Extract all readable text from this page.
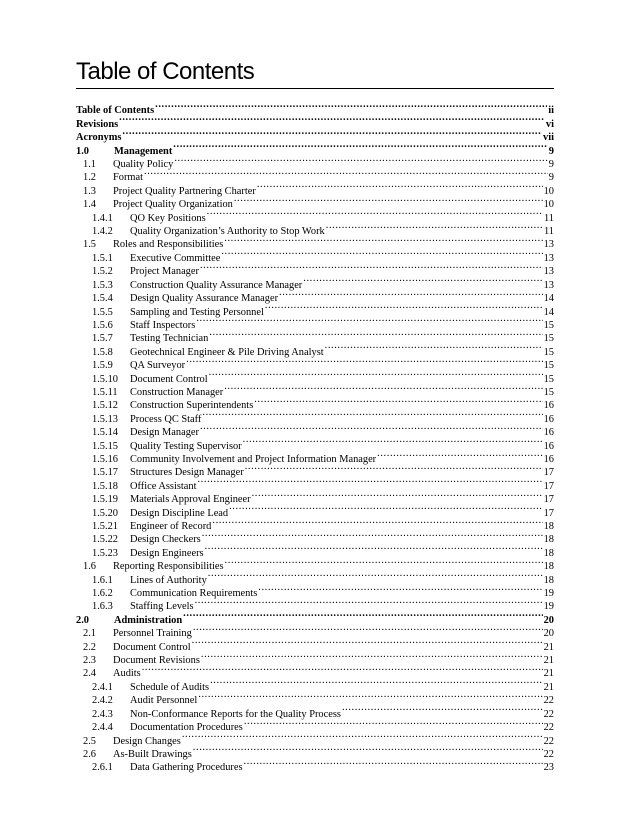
Table of Contents
Table of Contents .....	ii
Revisions .....	vi
Acronyms .....	vii
1.0	Management .....	9
1.1	Quality Policy .....	9
1.2	Format .....	9
1.3	Project Quality Partnering Charter .....	10
1.4	Project Quality Organization .....	10
1.4.1	QO Key Positions .....	11
1.4.2	Quality Organization’s Authority to Stop Work .....	11
1.5	Roles and Responsibilities .....	13
1.5.1	Executive Committee .....	13
1.5.2	Project Manager .....	13
1.5.3	Construction Quality Assurance Manager .....	13
1.5.4	Design Quality Assurance Manager .....	14
1.5.5	Sampling and Testing Personnel .....	14
1.5.6	Staff Inspectors .....	15
1.5.7	Testing Technician .....	15
1.5.8	Geotechnical Engineer & Pile Driving Analyst .....	15
1.5.9	QA Surveyor .....	15
1.5.10	Document Control .....	15
1.5.11	Construction Manager .....	15
1.5.12	Construction Superintendents .....	16
1.5.13	Process QC Staff .....	16
1.5.14	Design Manager .....	16
1.5.15	Quality Testing Supervisor .....	16
1.5.16	Community Involvement and Project Information Manager .....	16
1.5.17	Structures Design Manager .....	17
1.5.18	Office Assistant .....	17
1.5.19	Materials Approval Engineer .....	17
1.5.20	Design Discipline Lead .....	17
1.5.21	Engineer of Record .....	18
1.5.22	Design Checkers .....	18
1.5.23	Design Engineers .....	18
1.6	Reporting Responsibilities .....	18
1.6.1	Lines of Authority .....	18
1.6.2	Communication Requirements .....	19
1.6.3	Staffing Levels .....	19
2.0	Administration .....	20
2.1	Personnel Training .....	20
2.2	Document Control .....	21
2.3	Document Revisions .....	21
2.4	Audits .....	21
2.4.1	Schedule of Audits .....	21
2.4.2	Audit Personnel .....	22
2.4.3	Non-Conformance Reports for the Quality Process .....	22
2.4.4	Documentation Procedures .....	22
2.5	Design Changes .....	22
2.6	As-Built Drawings .....	22
2.6.1	Data Gathering Procedures .....	23
